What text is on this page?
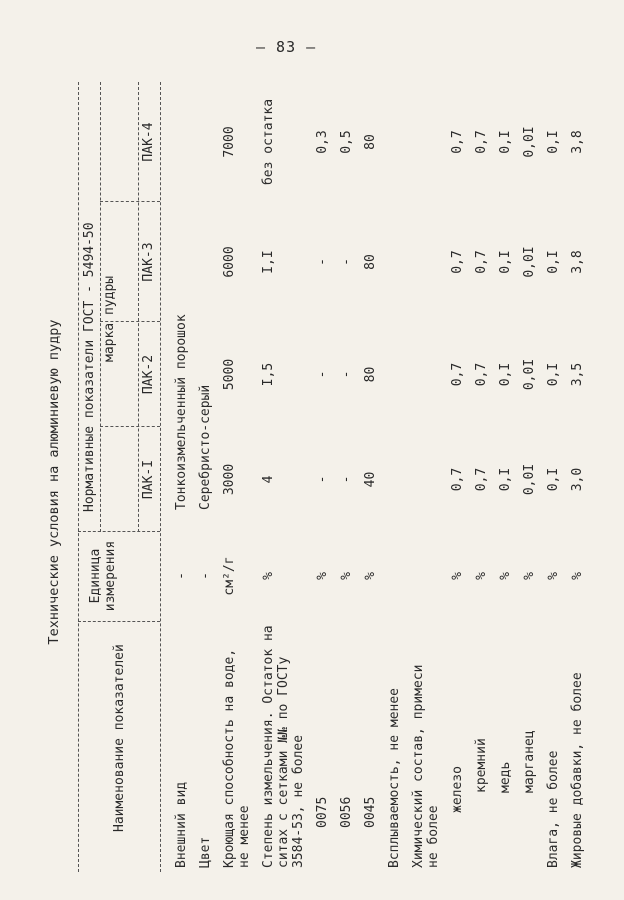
— 83 —
Технические условия на алюминиевую пудру
Наименование показателей
Единица измерения
Нормативные показатели ГОСТ - 5494-50 марка пудры
ПАК-I
ПАК-2
ПАК-3
ПАК-4
Внешний вид
-
Тонкоизмельченный порошок
Цвет
-
Серебристо-серый
Кроющая способность на воде, не менее
см²/г
3000
5000
6000
7000
Степень измельчения. Остаток на ситах с сетками №№ по ГОСТу 3584-53, не более
%
4
I,5
I,I
без остатка
0075
%
-
-
-
0,3
0056
%
-
-
-
0,5
0045
%
40
80
80
80
Всплываемость, не менее Химический состав, примеси не более
железо
%
0,7
0,7
0,7
0,7
кремний
%
0,7
0,7
0,7
0,7
медь
%
0,I
0,I
0,I
0,I
марганец
%
0,0I
0,0I
0,0I
0,0I
Влага, не более
%
0,I
0,I
0,I
0,I
Жировые добавки, не более
%
3,0
3,5
3,8
3,8
